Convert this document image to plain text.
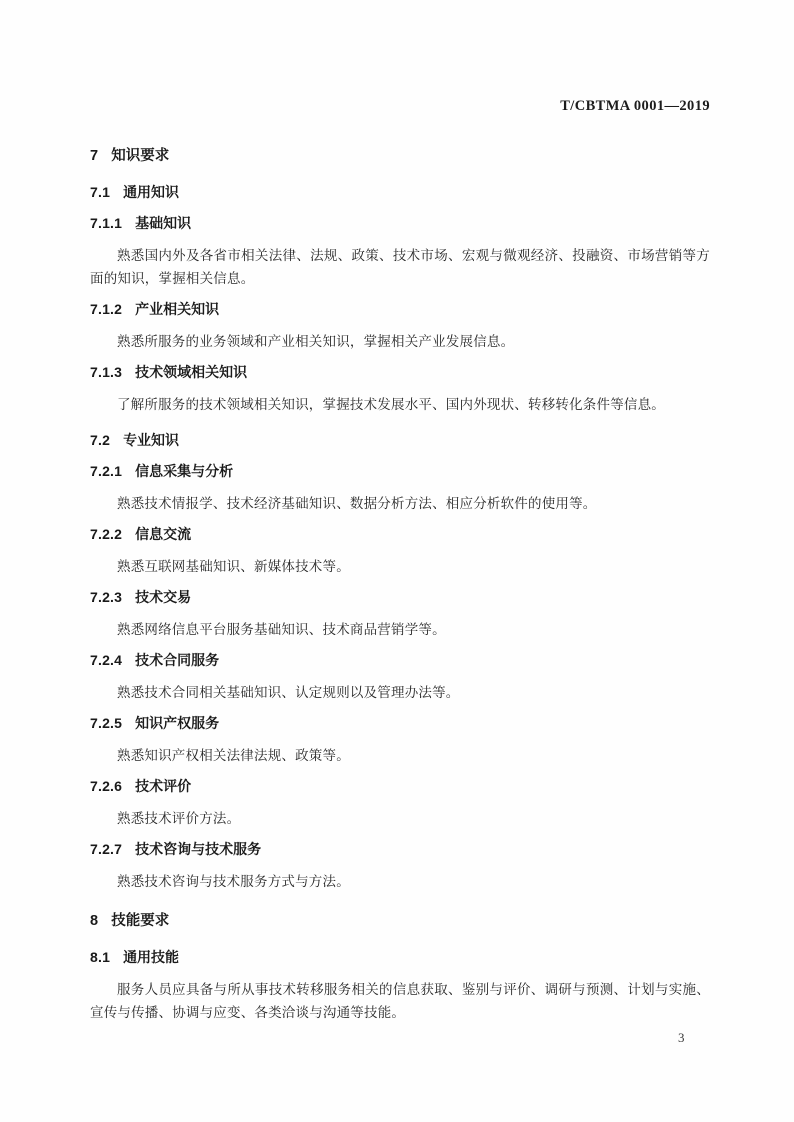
T/CBTMA 0001—2019
7 知识要求
7.1 通用知识
7.1.1 基础知识

熟悉国内外及各省市相关法律、法规、政策、技术市场、宏观与微观经济、投融资、市场营销等方面的知识，掌握相关信息。

7.1.2 产业相关知识

熟悉所服务的业务领域和产业相关知识，掌握相关产业发展信息。

7.1.3 技术领域相关知识

了解所服务的技术领域相关知识，掌握技术发展水平、国内外现状、转移转化条件等信息。

7.2 专业知识
7.2.1 信息采集与分析

熟悉技术情报学、技术经济基础知识、数据分析方法、相应分析软件的使用等。

7.2.2 信息交流

熟悉互联网基础知识、新媒体技术等。

7.2.3 技术交易

熟悉网络信息平台服务基础知识、技术商品营销学等。

7.2.4 技术合同服务

熟悉技术合同相关基础知识、认定规则以及管理办法等。

7.2.5 知识产权服务

熟悉知识产权相关法律法规、政策等。

7.2.6 技术评价

熟悉技术评价方法。

7.2.7 技术咨询与技术服务

熟悉技术咨询与技术服务方式与方法。

8 技能要求
8.1 通用技能

服务人员应具备与所从事技术转移服务相关的信息获取、鉴别与评价、调研与预测、计划与实施、宣传与传播、协调与应变、各类洽谈与沟通等技能。

3
